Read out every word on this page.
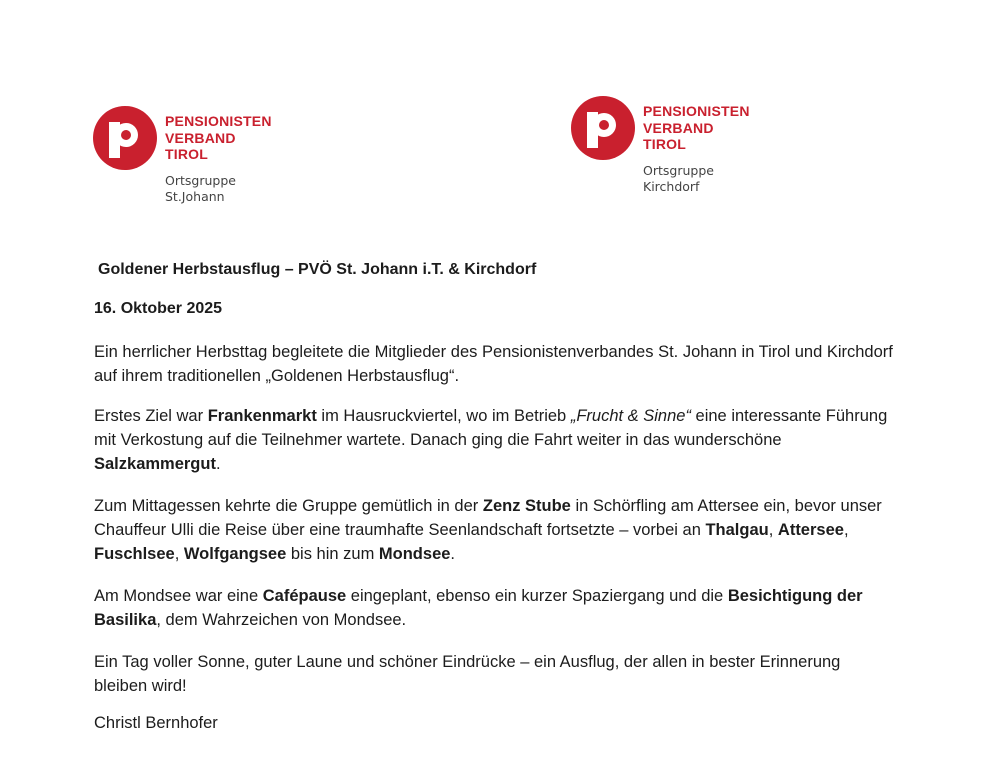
PENSIONISTEN
VERBAND
TIROL
Ortsgruppe
St.Johann
PENSIONISTEN
VERBAND
TIROL
Ortsgruppe
Kirchdorf
Goldener Herbstausflug – PVÖ St. Johann i.T. & Kirchdorf
16. Oktober 2025
Ein herrlicher Herbsttag begleitete die Mitglieder des Pensionistenverbandes St. Johann in Tirol und Kirchdorf auf ihrem traditionellen „Goldenen Herbstausflug“.
Erstes Ziel war Frankenmarkt im Hausruckviertel, wo im Betrieb „Frucht & Sinne“ eine interessante Führung mit Verkostung auf die Teilnehmer wartete. Danach ging die Fahrt weiter in das wunderschöne Salzkammergut.
Zum Mittagessen kehrte die Gruppe gemütlich in der Zenz Stube in Schörfling am Attersee ein, bevor unser Chauffeur Ulli die Reise über eine traumhafte Seenlandschaft fortsetzte – vorbei an Thalgau, Attersee, Fuschlsee, Wolfgangsee bis hin zum Mondsee.
Am Mondsee war eine Cafépause eingeplant, ebenso ein kurzer Spaziergang und die Besichtigung der Basilika, dem Wahrzeichen von Mondsee.
Ein Tag voller Sonne, guter Laune und schöner Eindrücke – ein Ausflug, der allen in bester Erinnerung bleiben wird!
Christl Bernhofer
